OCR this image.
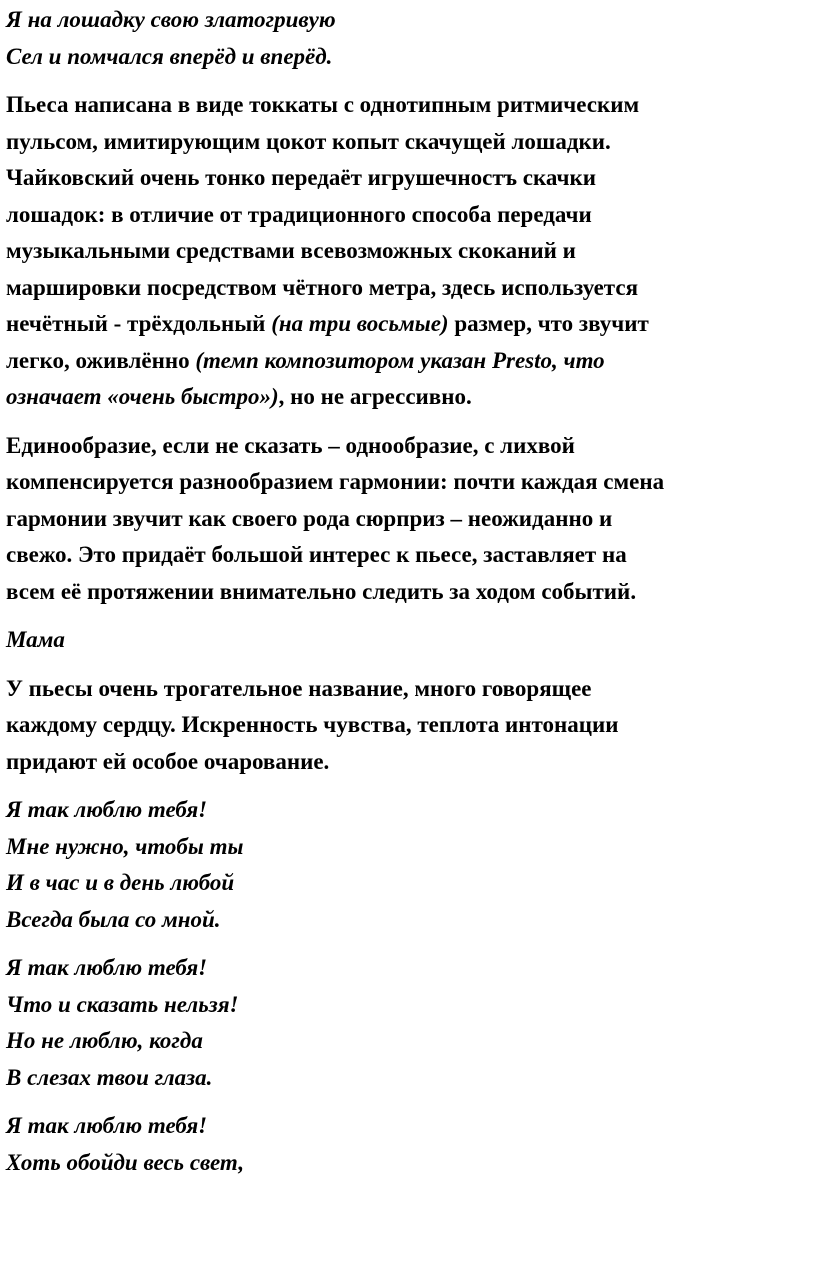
Я на лошадку свою златогривую
Сел и помчался вперёд и вперёд.
Пьеса написана в виде токкаты с однотипным ритмическим
пульсом, имитирующим цокот копыт скачущей лошадки.
Чайковский очень тонко передаёт игрушечностъ скачки
лошадок: в отличие от традиционного способа передачи
музыкальными средствами всевозможных скоканий и
маршировки посредством чётного метра, здесь используется
нечётный - трёхдольный (на три восьмые) размер, что звучит
легко, оживлённо (темп композитором указан Presto, что
означает «очень быстро»), но не агрессивно.
Единообразие, если не сказать – однообразие, с лихвой
компенсируется разнообразием гармонии: почти каждая смена
гармонии звучит как своего рода сюрприз – неожиданно и
свежо. Это придаёт большой интерес к пьесе, заставляет на
всем её протяжении внимательно следить за ходом событий.
Мама
У пьесы очень трогательное название, много говорящее
каждому сердцу. Искренность чувства, теплота интонации
придают ей особое очарование.
Я так люблю тебя!
Мне нужно, чтобы ты
И в час и в день любой
Всегда была со мной.
Я так люблю тебя!
Что и сказать нельзя!
Но не люблю, когда
В слезах твои глаза.
Я так люблю тебя!
Хоть обойди весь свет,
